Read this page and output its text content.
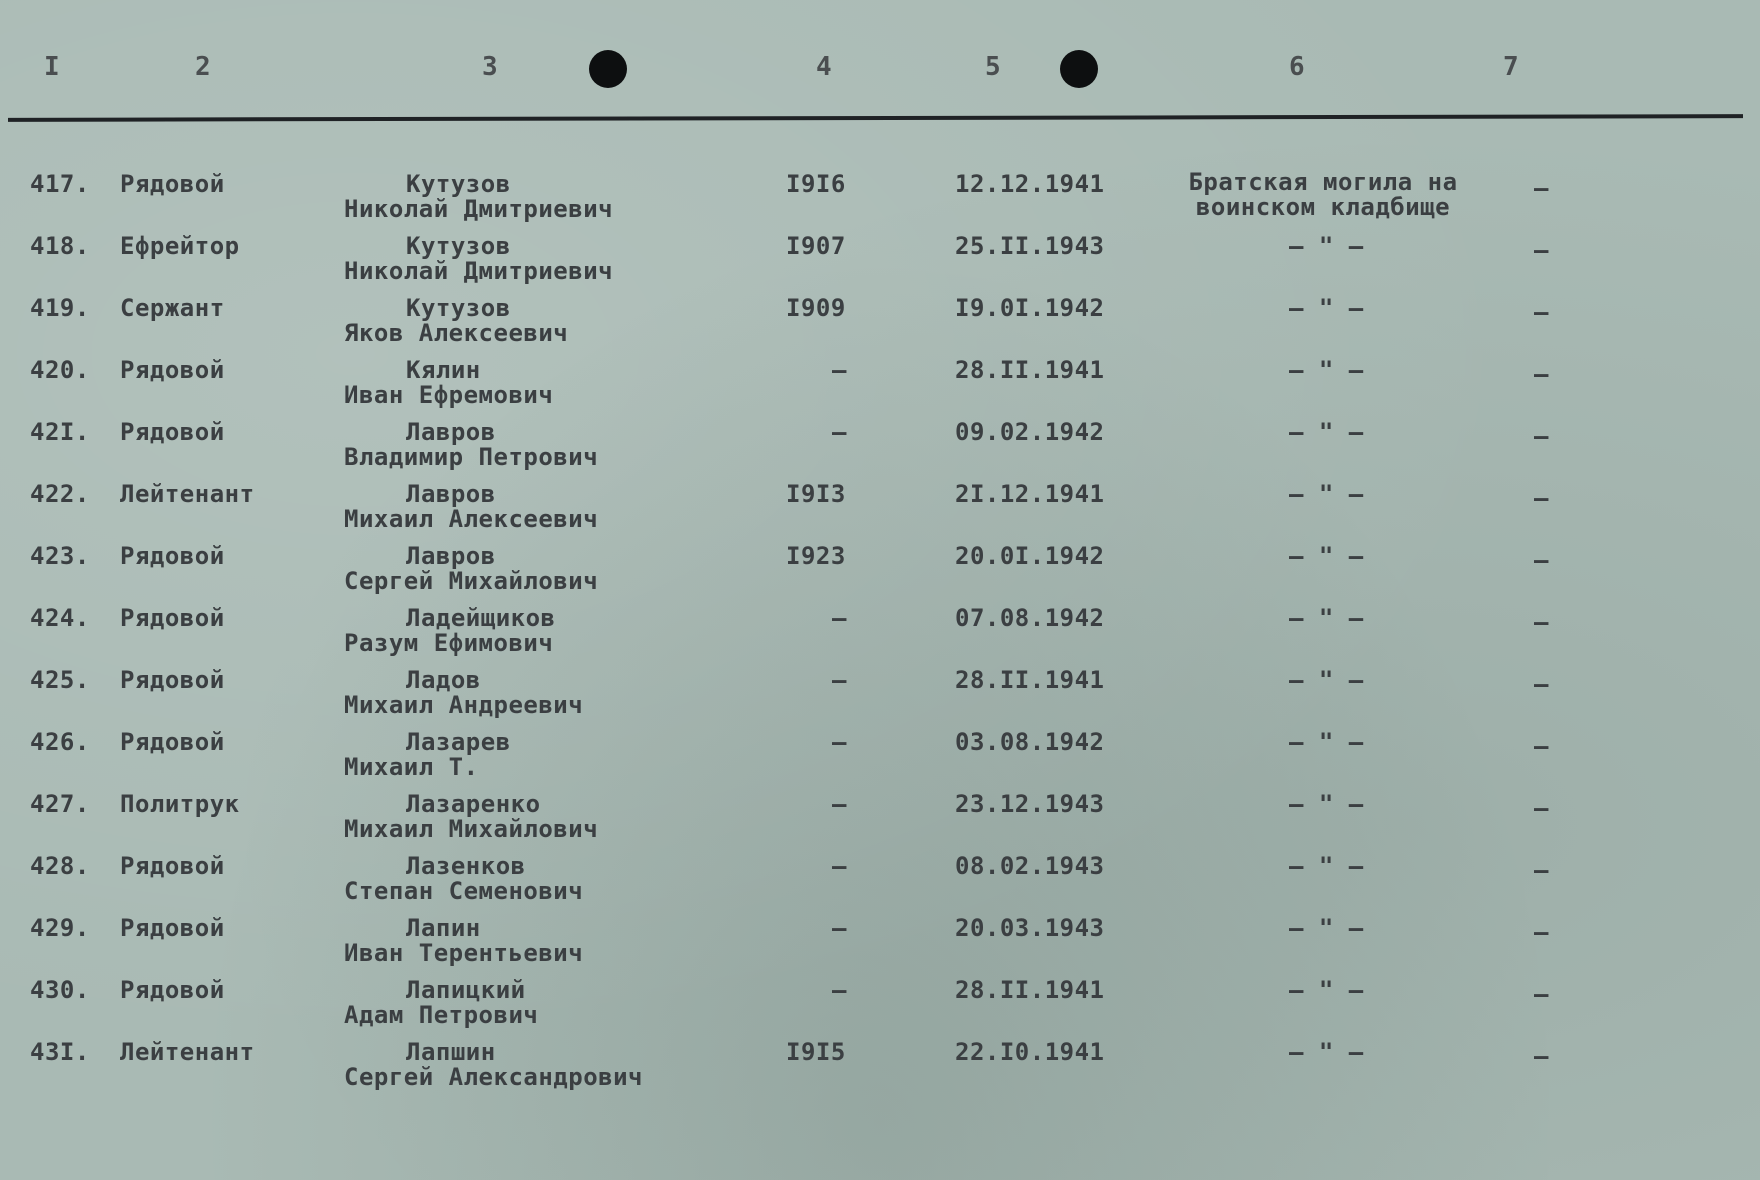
I	2	3	4	5	6	7
417. Рядовой	Кутузов
Николай Дмитриевич
I9I6	12.12.1941	Братская могила на воинском кладбище
–
418. Ефрейтор	Кутузов
Николай Дмитриевич
I907	25.II.1943	– " –	–
419. Сержант	Кутузов
Яков Алексеевич
I909	I9.0I.1942	– " –	–
420. Рядовой	Кялин
Иван Ефремович
–	28.II.1941	– " –	–
42I. Рядовой	Лавров
Владимир Петрович
–	09.02.1942	– " –	–
422. Лейтенант	Лавров
Михаил Алексеевич
I9I3	2I.12.1941	– " –	–
423. Рядовой	Лавров
Сергей Михайлович
I923	20.0I.1942	– " –	–
424. Рядовой	Ладейщиков
Разум Ефимович
–	07.08.1942	– " –	–
425. Рядовой	Ладов
Михаил Андреевич
–	28.II.1941	– " –	–
426. Рядовой	Лазарев
Михаил Т.
–	03.08.1942	– " –	–
427. Политрук	Лазаренко
Михаил Михайлович
–	23.12.1943	– " –	–
428. Рядовой	Лазенков
Степан Семенович
–	08.02.1943	– " –	–
429. Рядовой	Лапин
Иван Терентьевич
–	20.03.1943	– " –	–
430. Рядовой	Лапицкий
Адам Петрович
–	28.II.1941	– " –	–
43I. Лейтенант	Лапшин
Сергей Александрович
I9I5	22.I0.1941	– " –	–
